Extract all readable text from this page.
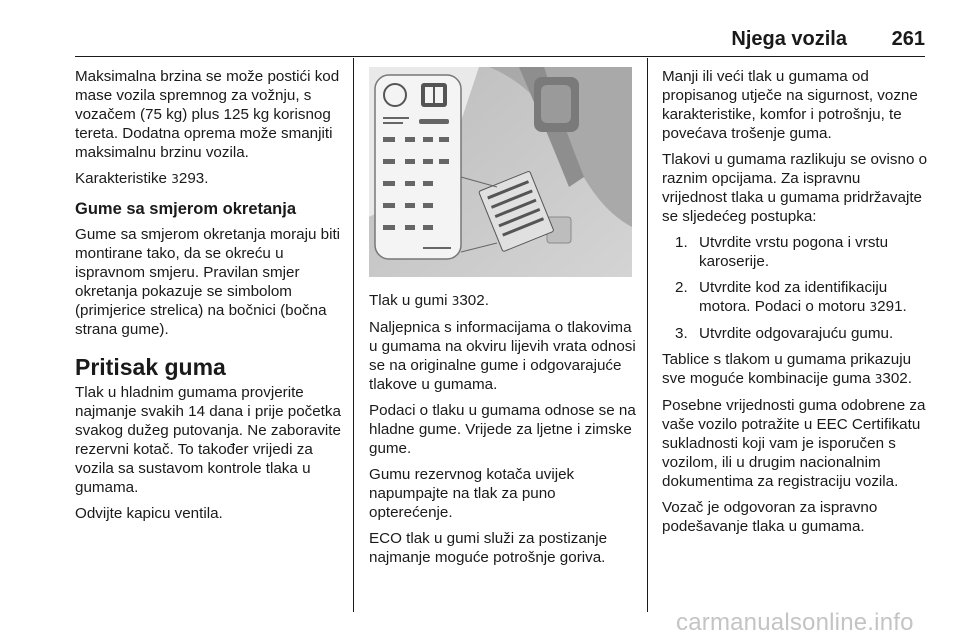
Njega vozila 261

Maksimalna brzina se može postići kod mase vozila spremnog za vožnju, s vozačem (75 kg) plus 125 kg korisnog tereta. Dodatna oprema može smanjiti maksimalnu brzinu vozila.

Karakteristike 3293.

Gume sa smjerom okretanja

Gume sa smjerom okretanja moraju biti montirane tako, da se okreću u ispravnom smjeru. Pravilan smjer okretanja pokazuje se simbolom (primjerice strelica) na bočnici (bočna strana gume).

Pritisak guma

Tlak u hladnim gumama provjerite najmanje svakih 14 dana i prije početka svakog dužeg putovanja. Ne zaboravite rezervni kotač. To također vrijedi za vozila sa sustavom kontrole tlaka u gumama.

Odvijte kapicu ventila.

Tlak u gumi 3302.

Naljepnica s informacijama o tlakovima u gumama na okviru lijevih vrata odnosi se na originalne gume i odgovarajuće tlakove u gumama.

Podaci o tlaku u gumama odnose se na hladne gume. Vrijede za ljetne i zimske gume.

Gumu rezervnog kotača uvijek napumpajte na tlak za puno opterećenje.

ECO tlak u gumi služi za postizanje najmanje moguće potrošnje goriva.

Manji ili veći tlak u gumama od propisanog utječe na sigurnost, vozne karakteristike, komfor i potrošnju, te povećava trošenje guma.

Tlakovi u gumama razlikuju se ovisno o raznim opcijama. Za ispravnu vrijednost tlaka u gumama pridržavajte se sljedećeg postupka:

1. Utvrdite vrstu pogona i vrstu karoserije.
2. Utvrdite kod za identifikaciju motora. Podaci o motoru 3291.
3. Utvrdite odgovarajuću gumu.

Tablice s tlakom u gumama prikazuju sve moguće kombinacije guma 3302.

Posebne vrijednosti guma odobrene za vaše vozilo potražite u EEC Certifikatu sukladnosti koji vam je isporučen s vozilom, ili u drugim nacionalnim dokumentima za registraciju vozila.

Vozač je odgovoran za ispravno podešavanje tlaka u gumama.

carmanualsonline.info
